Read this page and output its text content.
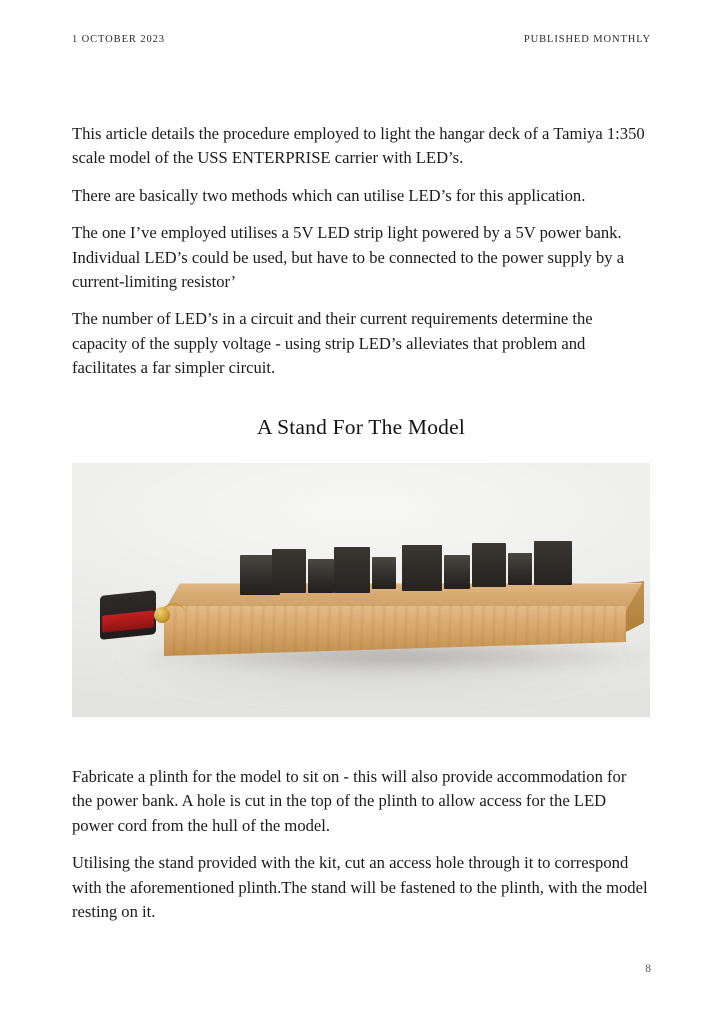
1 OCTOBER 2023	PUBLISHED MONTHLY

This article details the procedure employed to light the hangar deck of a Tamiya 1:350 scale model of the USS ENTERPRISE carrier with LED’s.

There are basically two methods which can utilise LED’s for this application.

The one I’ve employed utilises a 5V LED strip light powered by a 5V power bank. Individual LED’s could be used, but have to be connected to the power supply by a current-limiting resistor’

The number of LED’s in a circuit and their current requirements determine the capacity of the supply voltage - using strip LED’s alleviates that problem and facilitates a far simpler circuit.

A Stand For The Model

Fabricate a plinth for the model to sit on - this will also provide accommodation for the power bank. A hole is cut in the top of the plinth to allow access for the LED power cord from the hull of the model.

Utilising the stand provided with the kit, cut an access hole through it to correspond with the aforementioned plinth.The stand will be fastened to the plinth, with the model resting on it.

8
